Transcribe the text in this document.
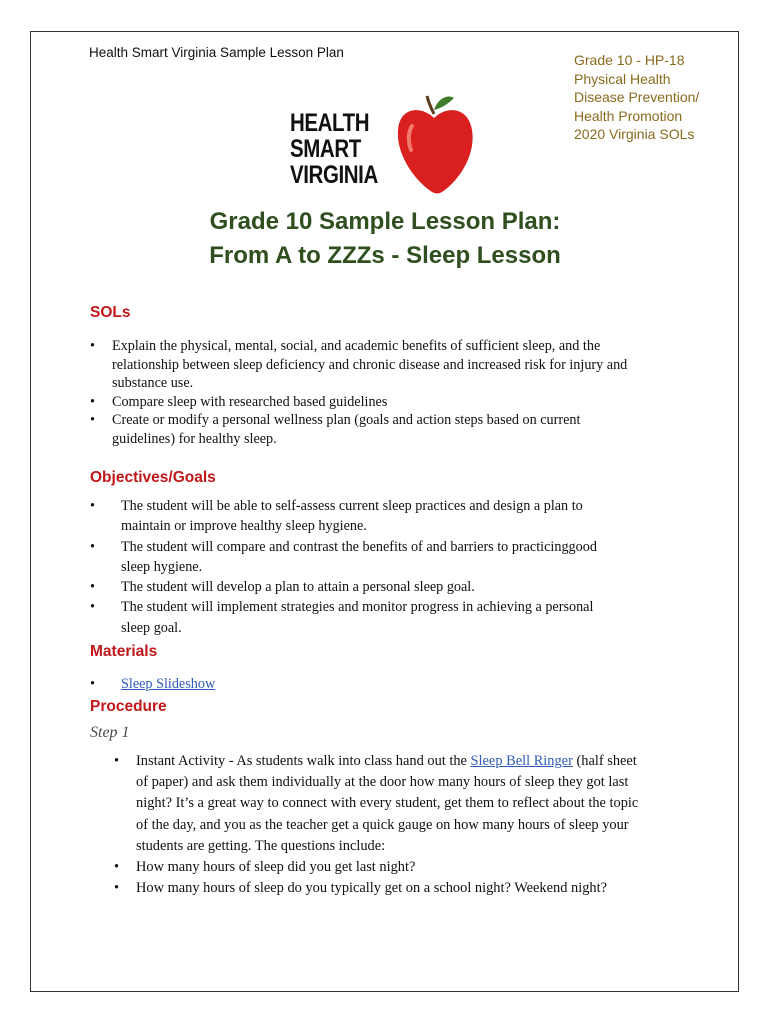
Health Smart Virginia Sample Lesson Plan	Grade 10 - HP-18
Physical Health
Disease Prevention/
Health Promotion
2020 Virginia SOLs
HEALTH
SMART
VIRGINIA
Grade 10 Sample Lesson Plan:
From A to ZZZs - Sleep Lesson
SOLs
• Explain the physical, mental, social, and academic benefits of sufficient sleep, and the relationship between sleep deficiency and chronic disease and increased risk for injury and substance use.
• Compare sleep with researched based guidelines
• Create or modify a personal wellness plan (goals and action steps based on current guidelines) for healthy sleep.
Objectives/Goals
• The student will be able to self-assess current sleep practices and design a plan to maintain or improve healthy sleep hygiene.
• The student will compare and contrast the benefits of and barriers to practicinggood sleep hygiene.
• The student will develop a plan to attain a personal sleep goal.
• The student will implement strategies and monitor progress in achieving a personal sleep goal.
Materials
• Sleep Slideshow
Procedure
Step 1
• Instant Activity - As students walk into class hand out the Sleep Bell Ringer (half sheet of paper) and ask them individually at the door how many hours of sleep they got last night? It’s a great way to connect with every student, get them to reflect about the topic of the day, and you as the teacher get a quick gauge on how many hours of sleep your students are getting. The questions include:
• How many hours of sleep did you get last night?
• How many hours of sleep do you typically get on a school night? Weekend night?
